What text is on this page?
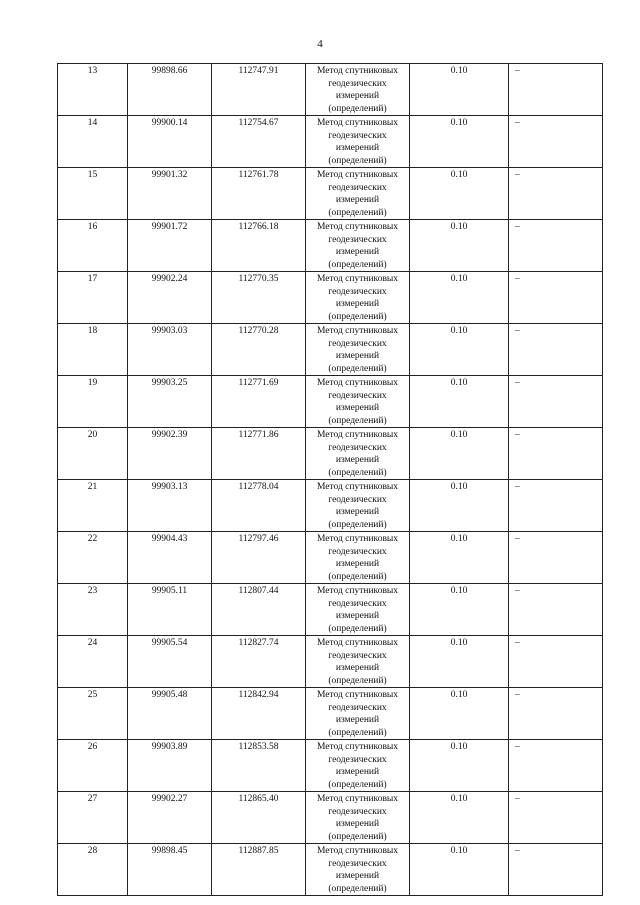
4
13	99898.66	112747.91	Метод спутниковых
геодезических
измерений
(определений)	0.10	–
14	99900.14	112754.67	Метод спутниковых
геодезических
измерений
(определений)	0.10	–
15	99901.32	112761.78	Метод спутниковых
геодезических
измерений
(определений)	0.10	–
16	99901.72	112766.18	Метод спутниковых
геодезических
измерений
(определений)	0.10	–
17	99902.24	112770.35	Метод спутниковых
геодезических
измерений
(определений)	0.10	–
18	99903.03	112770.28	Метод спутниковых
геодезических
измерений
(определений)	0.10	–
19	99903.25	112771.69	Метод спутниковых
геодезических
измерений
(определений)	0.10	–
20	99902.39	112771.86	Метод спутниковых
геодезических
измерений
(определений)	0.10	–
21	99903.13	112778.04	Метод спутниковых
геодезических
измерений
(определений)	0.10	–
22	99904.43	112797.46	Метод спутниковых
геодезических
измерений
(определений)	0.10	–
23	99905.11	112807.44	Метод спутниковых
геодезических
измерений
(определений)	0.10	–
24	99905.54	112827.74	Метод спутниковых
геодезических
измерений
(определений)	0.10	–
25	99905.48	112842.94	Метод спутниковых
геодезических
измерений
(определений)	0.10	–
26	99903.89	112853.58	Метод спутниковых
геодезических
измерений
(определений)	0.10	–
27	99902.27	112865.40	Метод спутниковых
геодезических
измерений
(определений)	0.10	–
28	99898.45	112887.85	Метод спутниковых
геодезических
измерений
(определений)	0.10	–
